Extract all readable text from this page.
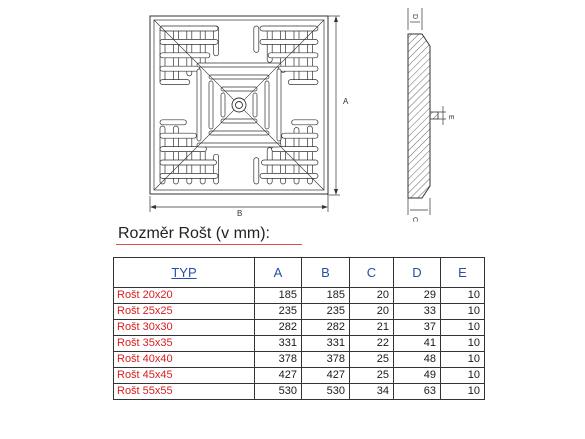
A
B
D
C
E
Rozměr Rošt (v mm):
TYP	A	B	C	D	E
Rošt 20x20	185	185	20	29	10
Rošt 25x25	235	235	20	33	10
Rošt 30x30	282	282	21	37	10
Rošt 35x35	331	331	22	41	10
Rošt 40x40	378	378	25	48	10
Rošt 45x45	427	427	25	49	10
Rošt 55x55	530	530	34	63	10
